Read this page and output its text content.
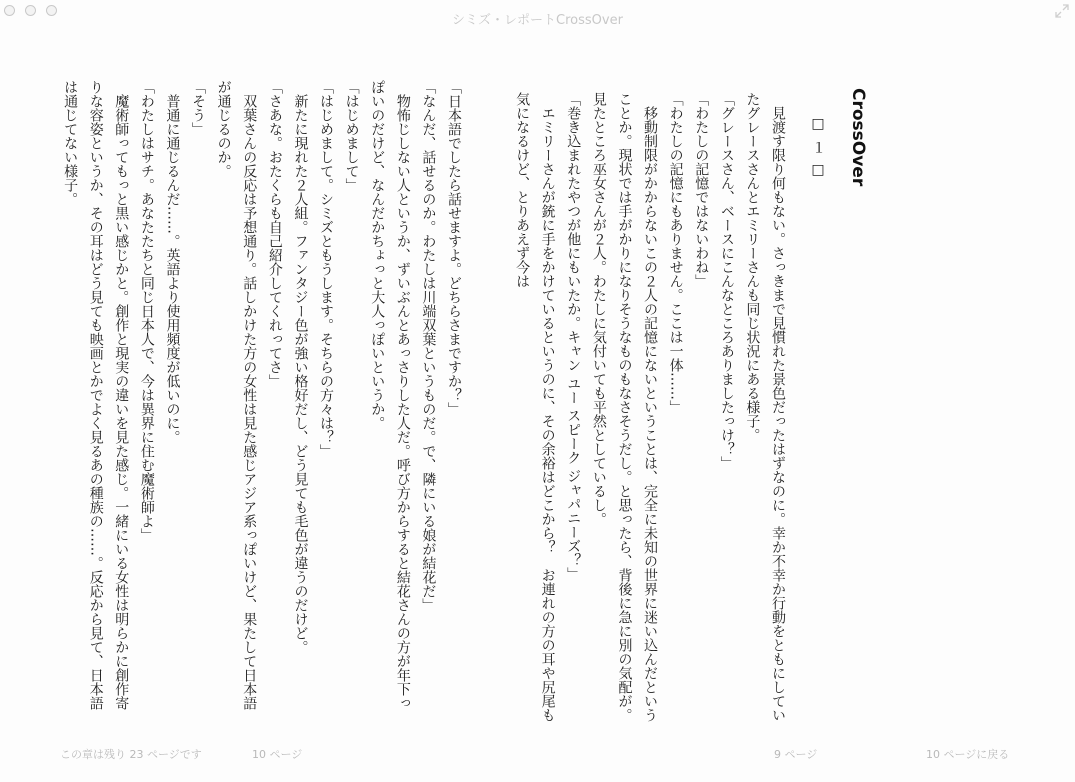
シミズ・レポートCrossOver
CrossOver
□１□

　見渡す限り何もない。さっきまで見慣れた景色だったはずなのに。幸か不幸か行動をともにしていたグレースさんとエミリーさんも同じ状況にある様子。

「グレースさん、ベースにこんなところありましたっけ？」

「わたしの記憶ではないわね」

「わたしの記憶にもありません。ここは一体……」

　移動制限がかからないこの２人の記憶にないということは、完全に未知の世界に迷い込んだということか。現状では手がかりになりそうなものもなさそうだし。と思ったら、背後に急に別の気配が。見たところ巫女さんが２人。わたしに気付いても平然としているし。

「巻き込まれたやつが他にもいたか。キャン ユー スピーク ジャパニーズ？」

　エミリーさんが銃に手をかけているというのに、その余裕はどこから？　お連れの方の耳や尻尾も気になるけど、とりあえず今は

「日本語でしたら話せますよ。どちらさまですか？」

「なんだ、話せるのか。わたしは川端双葉というものだ。で、隣にいる娘が結花だ」

　物怖じしない人というか、ずいぶんとあっさりした人だ。呼び方からすると結花さんの方が年下っぽいのだけど、なんだかちょっと大人っぽいというか。

「はじめまして」

「はじめまして。シミズともうします。そちらの方々は？」

　新たに現れた２人組。ファンタジー色が強い格好だし、どう見ても毛色が違うのだけど。

「さあな。おたくらも自己紹介してくれってさ」

　双葉さんの反応は予想通り。話しかけた方の女性は見た感じアジア系っぽいけど、果たして日本語が通じるのか。

「そう」

　普通に通じるんだ……。英語より使用頻度が低いのに。

「わたしはサチ。あなたたちと同じ日本人で、今は異界に住む魔術師よ」

　魔術師ってもっと黒い感じかと。創作と現実の違いを見た感じ。一緒にいる女性は明らかに創作寄りな容姿というか、その耳はどう見ても映画とかでよく見るあの種族の……。反応から見て、日本語は通じてない様子。

この章は残り 23 ページです	10 ページ	9 ページ	10 ページに戻る
